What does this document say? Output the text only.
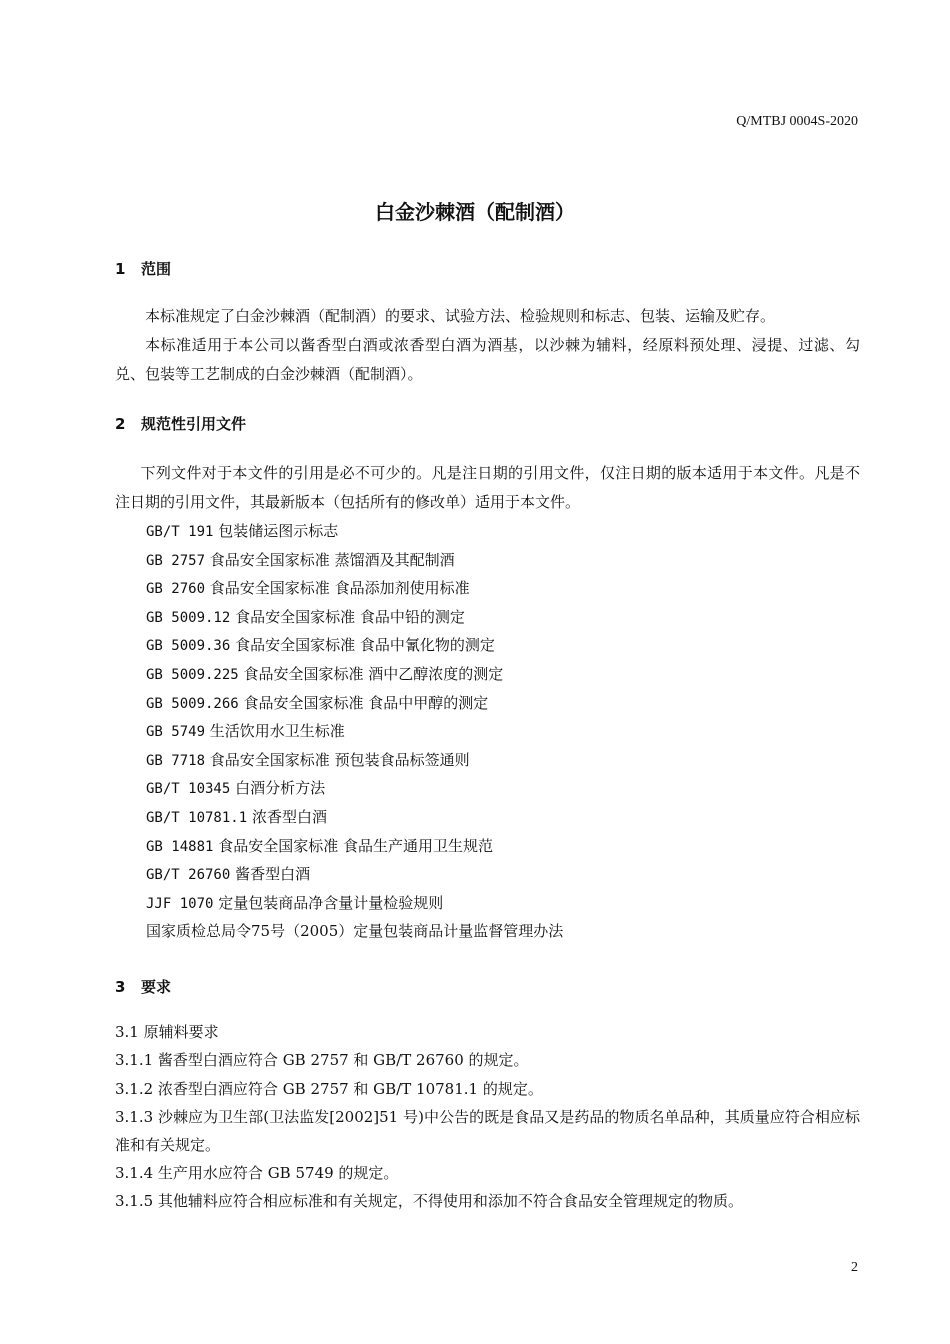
Q/MTBJ 0004S-2020

白金沙棘酒（配制酒）
1 范围

本标准规定了白金沙棘酒（配制酒）的要求、试验方法、检验规则和标志、包装、运输及贮存。

本标准适用于本公司以酱香型白酒或浓香型白酒为酒基，以沙棘为辅料，经原料预处理、浸提、过滤、勾兑、包装等工艺制成的白金沙棘酒（配制酒）。

2 规范性引用文件

下列文件对于本文件的引用是必不可少的。凡是注日期的引用文件，仅注日期的版本适用于本文件。凡是不注日期的引用文件，其最新版本（包括所有的修改单）适用于本文件。

GB/T 191 包装储运图示标志
GB 2757 食品安全国家标准 蒸馏酒及其配制酒
GB 2760 食品安全国家标准 食品添加剂使用标准
GB 5009.12 食品安全国家标准 食品中铅的测定
GB 5009.36 食品安全国家标准 食品中氰化物的测定
GB 5009.225 食品安全国家标准 酒中乙醇浓度的测定
GB 5009.266 食品安全国家标准 食品中甲醇的测定
GB 5749 生活饮用水卫生标准
GB 7718 食品安全国家标准 预包装食品标签通则
GB/T 10345 白酒分析方法
GB/T 10781.1 浓香型白酒
GB 14881 食品安全国家标准 食品生产通用卫生规范
GB/T 26760 酱香型白酒
JJF 1070 定量包装商品净含量计量检验规则
国家质检总局令75号（2005）定量包装商品计量监督管理办法
3 要求

3.1 原辅料要求

3.1.1 酱香型白酒应符合 GB 2757 和 GB/T 26760 的规定。

3.1.2 浓香型白酒应符合 GB 2757 和 GB/T 10781.1 的规定。

3.1.3 沙棘应为卫生部(卫法监发[2002]51 号)中公告的既是食品又是药品的物质名单品种，其质量应符合相应标准和有关规定。

3.1.4 生产用水应符合 GB 5749 的规定。

3.1.5 其他辅料应符合相应标准和有关规定，不得使用和添加不符合食品安全管理规定的物质。

2
